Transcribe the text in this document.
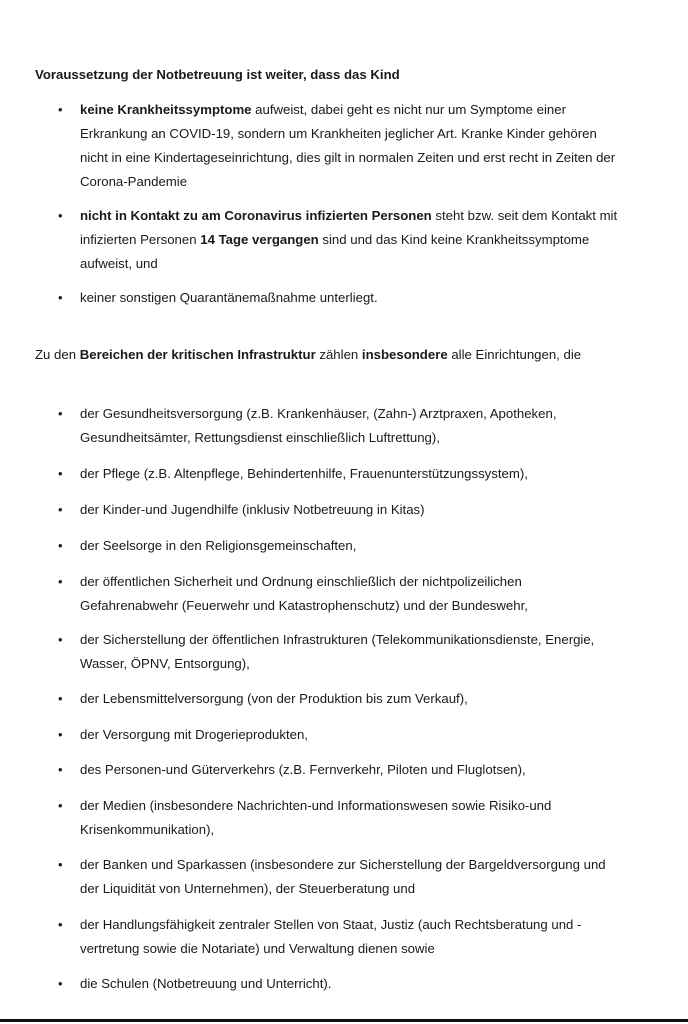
Voraussetzung der Notbetreuung ist weiter, dass das Kind

• keine Krankheitssymptome aufweist, dabei geht es nicht nur um Symptome einer Erkrankung an COVID-19, sondern um Krankheiten jeglicher Art. Kranke Kinder gehören nicht in eine Kindertageseinrichtung, dies gilt in normalen Zeiten und erst recht in Zeiten der Corona-Pandemie
• nicht in Kontakt zu am Coronavirus infizierten Personen steht bzw. seit dem Kontakt mit infizierten Personen 14 Tage vergangen sind und das Kind keine Krankheitssymptome aufweist, und
• keiner sonstigen Quarantänemaßnahme unterliegt.

Zu den Bereichen der kritischen Infrastruktur zählen insbesondere alle Einrichtungen, die

• der Gesundheitsversorgung (z.B. Krankenhäuser, (Zahn-) Arztpraxen, Apotheken, Gesundheitsämter, Rettungsdienst einschließlich Luftrettung),
• der Pflege (z.B. Altenpflege, Behindertenhilfe, Frauenunterstützungssystem),
• der Kinder-und Jugendhilfe (inklusiv Notbetreuung in Kitas)
• der Seelsorge in den Religionsgemeinschaften,
• der öffentlichen Sicherheit und Ordnung einschließlich der nichtpolizeilichen Gefahrenabwehr (Feuerwehr und Katastrophenschutz) und der Bundeswehr,
• der Sicherstellung der öffentlichen Infrastrukturen (Telekommunikationsdienste, Energie, Wasser, ÖPNV, Entsorgung),
• der Lebensmittelversorgung (von der Produktion bis zum Verkauf),
• der Versorgung mit Drogerieprodukten,
• des Personen-und Güterverkehrs (z.B. Fernverkehr, Piloten und Fluglotsen),
• der Medien (insbesondere Nachrichten-und Informationswesen sowie Risiko-und Krisenkommunikation),
• der Banken und Sparkassen (insbesondere zur Sicherstellung der Bargeldversorgung und der Liquidität von Unternehmen), der Steuerberatung und
• der Handlungsfähigkeit zentraler Stellen von Staat, Justiz (auch Rechtsberatung und -vertretung sowie die Notariate) und Verwaltung dienen sowie
• die Schulen (Notbetreuung und Unterricht).
